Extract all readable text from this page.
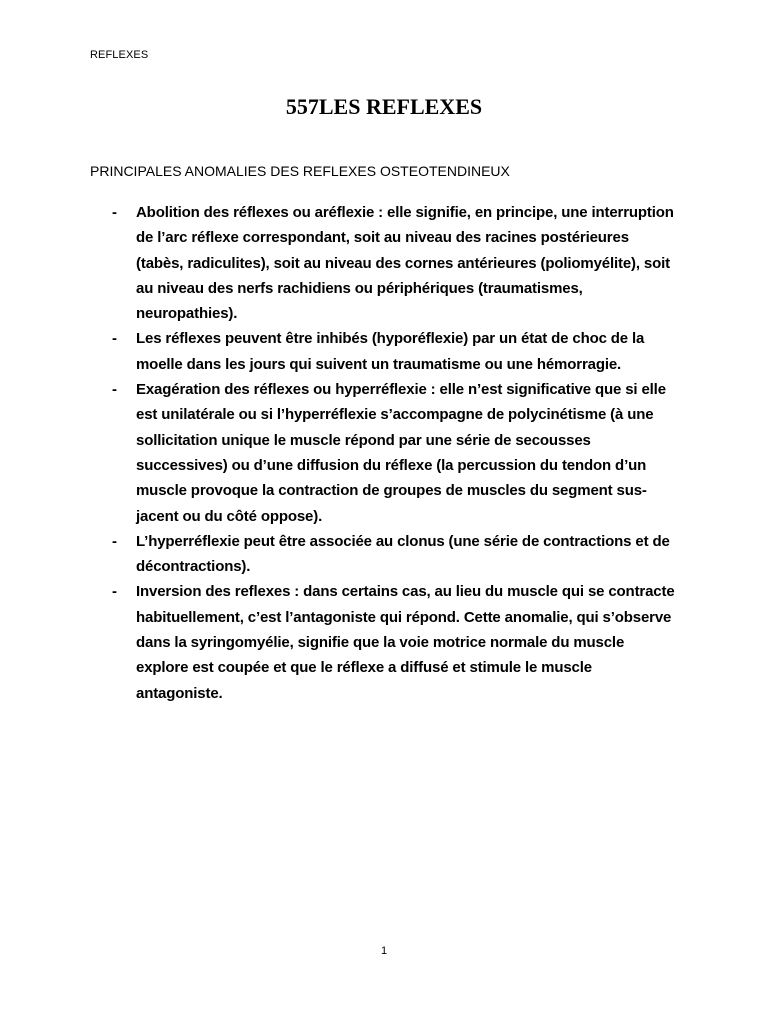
REFLEXES
557LES REFLEXES
PRINCIPALES ANOMALIES DES REFLEXES OSTEOTENDINEUX
- Abolition des réflexes ou aréflexie : elle signifie, en principe, une interruption de l’arc réflexe correspondant, soit au niveau des racines postérieures (tabès, radiculites), soit au niveau des cornes antérieures (poliomyélite), soit au niveau des nerfs rachidiens ou périphériques (traumatismes, neuropathies).
- Les réflexes peuvent être inhibés (hyporéflexie) par un état de choc de la moelle dans les jours qui suivent un traumatisme ou une hémorragie.
- Exagération des réflexes ou hyperréflexie : elle n’est significative que si elle est unilatérale ou si l’hyperréflexie s’accompagne de polycinétisme (à une sollicitation unique le muscle répond par une série de secousses successives) ou d’une diffusion du réflexe (la percussion du tendon d’un muscle provoque la contraction de groupes de muscles du segment sus-jacent ou du côté oppose).
- L’hyperréflexie peut être associée au clonus (une série de contractions et de décontractions).
- Inversion des reflexes : dans certains cas, au lieu du muscle qui se contracte habituellement, c’est l’antagoniste qui répond. Cette anomalie, qui s’observe dans la syringomyélie, signifie que la voie motrice normale du muscle explore est coupée et que le réflexe a diffusé et stimule le muscle antagoniste.
1
